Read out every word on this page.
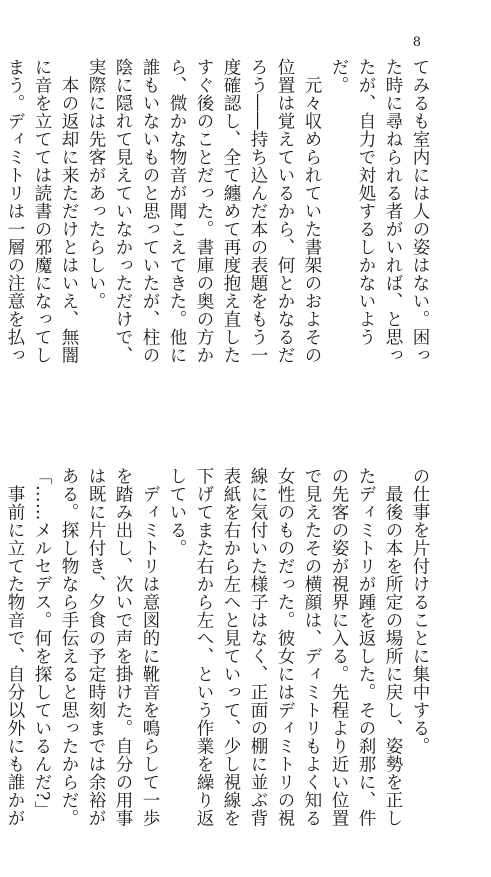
8

てみるも室内には人の姿はない。困った時に尋ねられる者がいれば、と思ったが、自力で対処するしかないようだ。

元々収められていた書架のおよその位置は覚えているから、何とかなるだろう――持ち込んだ本の表題をもう一度確認し、全て纏めて再度抱え直したすぐ後のことだった。書庫の奥の方から、微かな物音が聞こえてきた。他に誰もいないものと思っていたが、柱の陰に隠れて見えていなかっただけで、実際には先客があったらしい。

本の返却に来ただけとはいえ、無闇に音を立てては読書の邪魔になってしまう。ディミトリは一層の注意を払っ

の仕事を片付けることに集中する。

最後の本を所定の場所に戻し、姿勢を正したディミトリが踵を返した。その刹那に、件の先客の姿が視界に入る。先程より近い位置で見えたその横顔は、ディミトリもよく知る女性のものだった。彼女にはディミトリの視線に気付いた様子はなく、正面の棚に並ぶ背表紙を右から左へと見ていって、少し視線を下げてまた右から左へ、という作業を繰り返している。

ディミトリは意図的に靴音を鳴らして一歩を踏み出し、次いで声を掛けた。自分の用事は既に片付き、夕食の予定時刻までは余裕がある。探し物なら手伝えると思ったからだ。

「……メルセデス。何を探しているんだ?」

事前に立てた物音で、自分以外にも誰かが
